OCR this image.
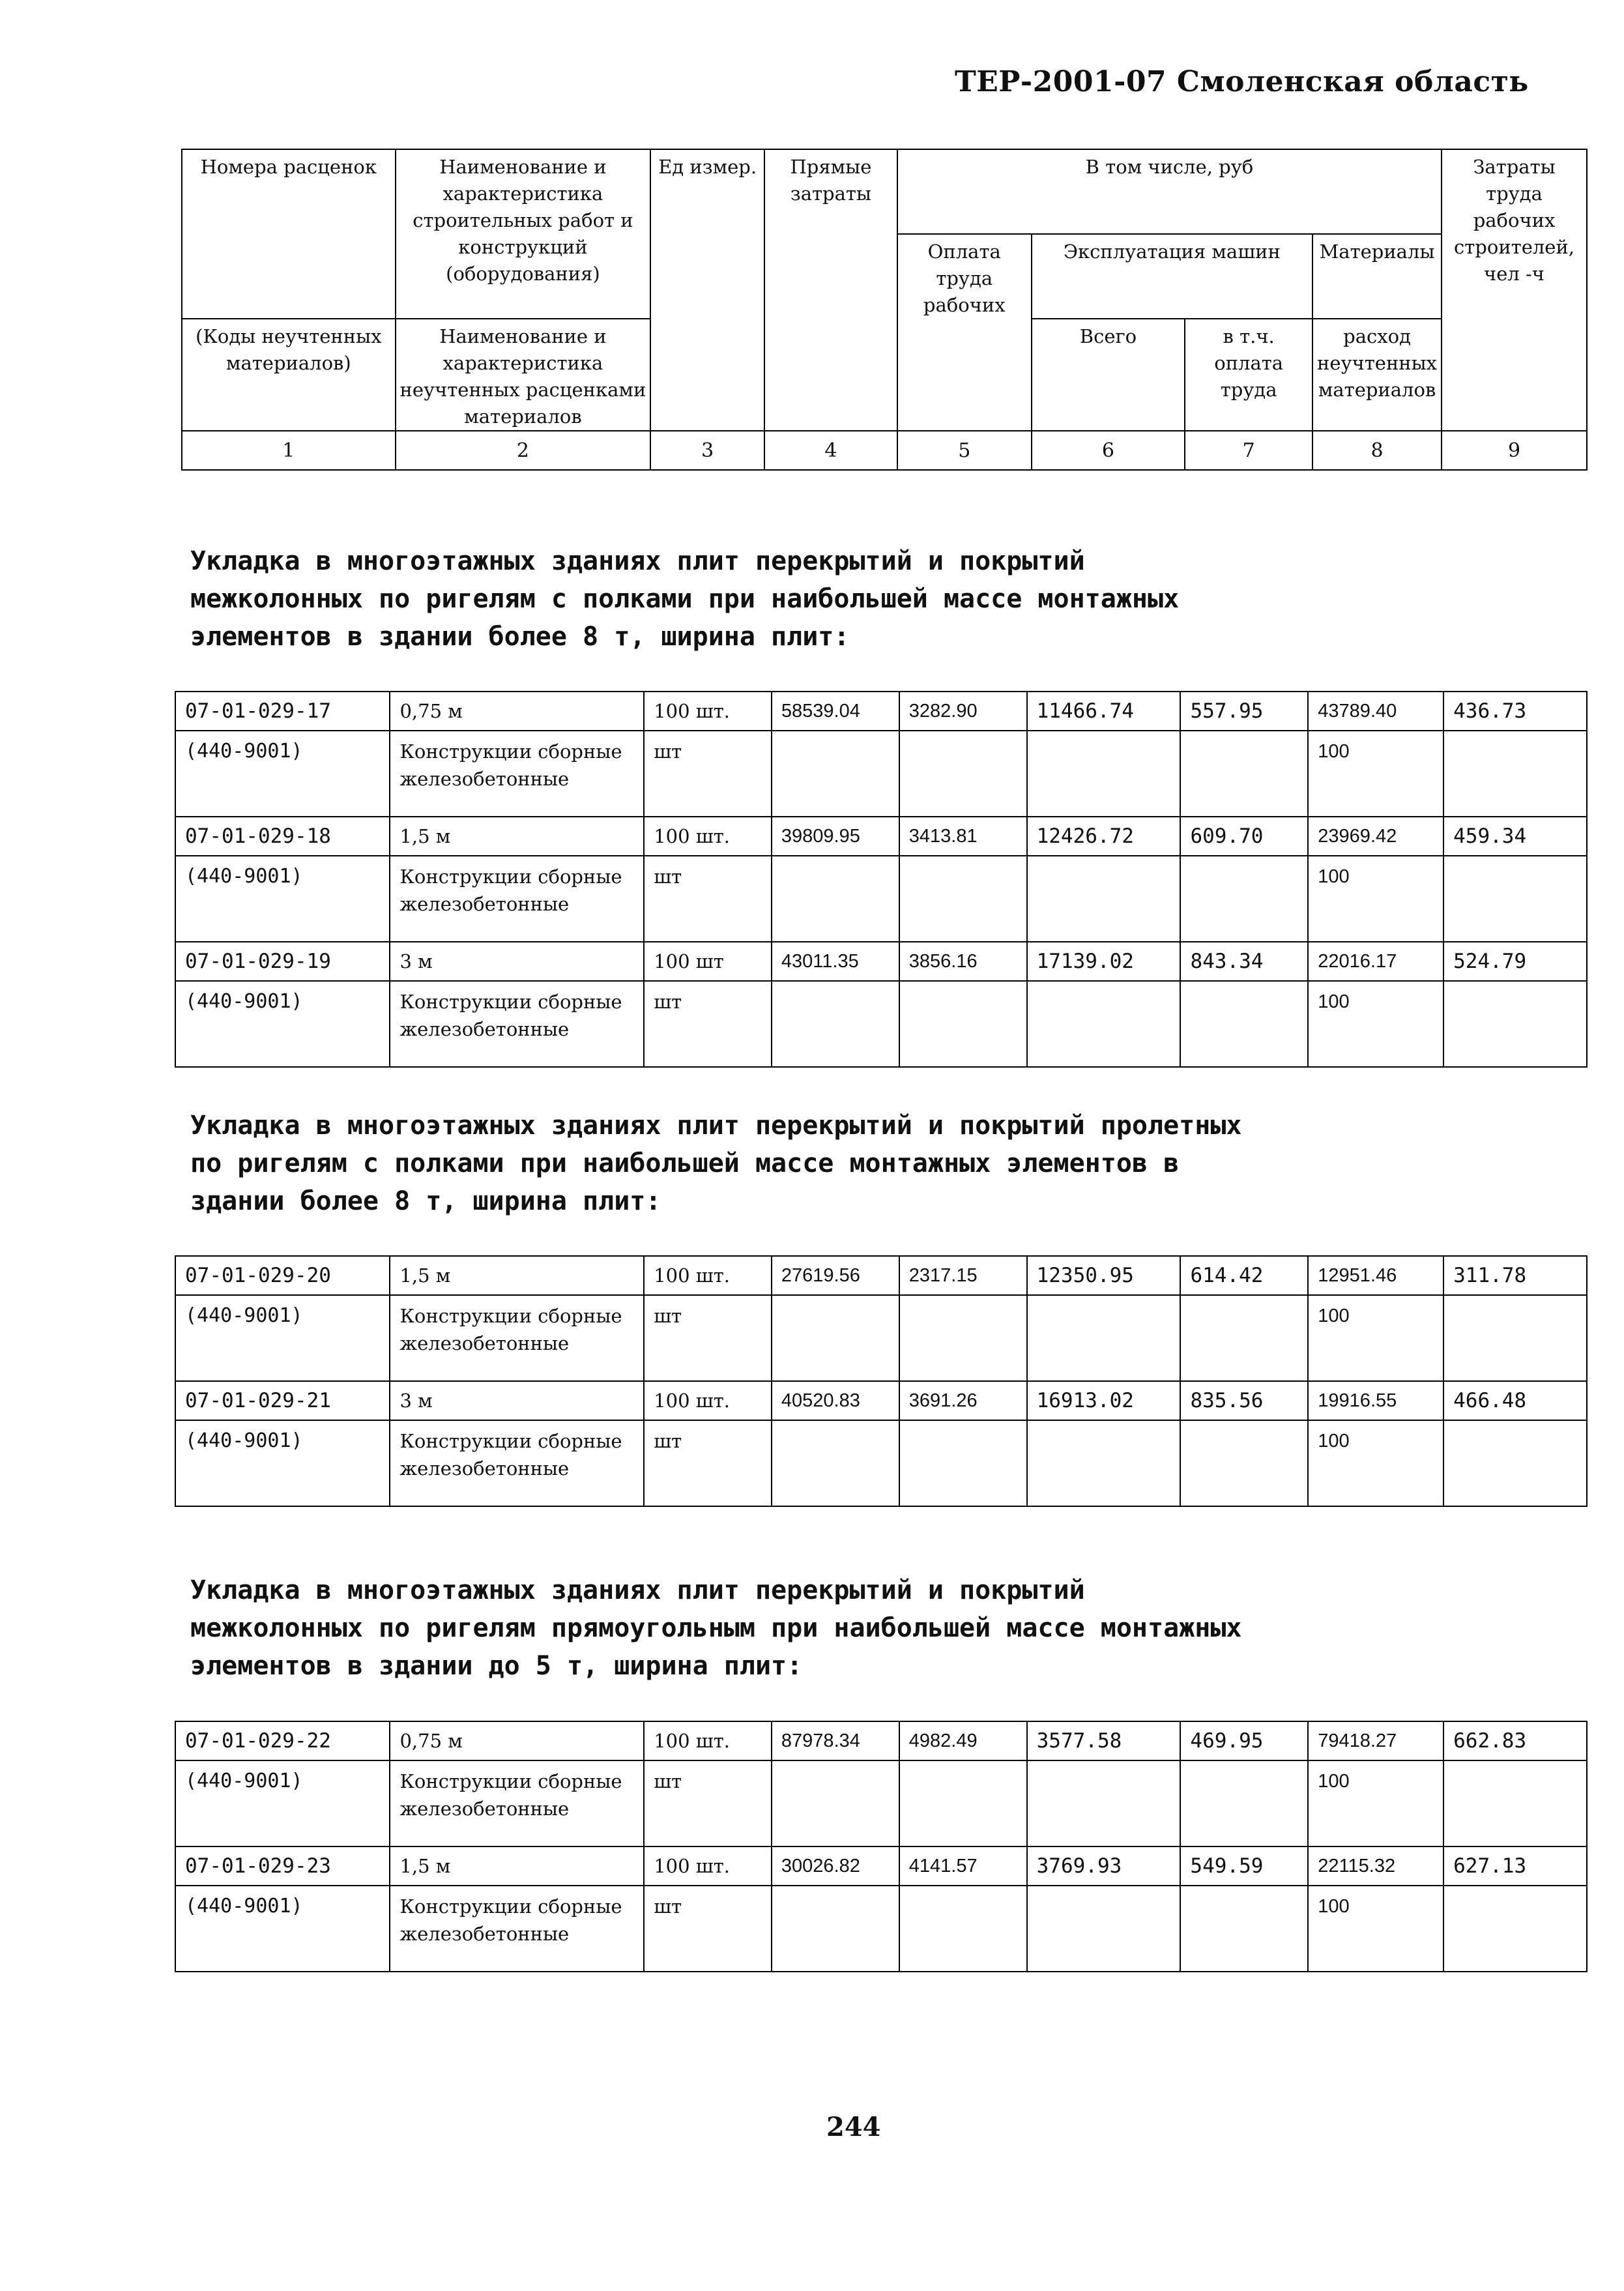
ТЕР-2001-07 Смоленская область
Номера расценок	Наименование и характеристика строительных работ и конструкций (оборудования)	Ед измер.	Прямые затраты	В том числе, руб				Затраты труда рабочих строителей, чел -ч
				Оплата труда рабочих	Эксплуатация машин		Материалы	
(Коды неучтенных материалов)	Наименование и характеристика неучтенных расценками материалов				Всего	в т.ч. оплата труда	расход неучтенных материалов	

1	2	3	4	5	6	7	8	9
Укладка в многоэтажных зданиях плит перекрытий и покрытий
межколонных по ригелям с полками при наибольшей массе монтажных
элементов в здании более 8 т, ширина плит:
07-01-029-17	0,75 м	100 шт.	58539.04	3282.90	11466.74	557.95	43789.40	436.73
(440-9001)	Конструкции сборные железобетонные	шт					100	
07-01-029-18	1,5 м	100 шт.	39809.95	3413.81	12426.72	609.70	23969.42	459.34
(440-9001)	Конструкции сборные железобетонные	шт					100	
07-01-029-19	3 м	100 шт	43011.35	3856.16	17139.02	843.34	22016.17	524.79
(440-9001)	Конструкции сборные железобетонные	шт					100	
Укладка в многоэтажных зданиях плит перекрытий и покрытий пролетных
по ригелям с полками при наибольшей массе монтажных элементов в
здании более 8 т, ширина плит:
07-01-029-20	1,5 м	100 шт.	27619.56	2317.15	12350.95	614.42	12951.46	311.78
(440-9001)	Конструкции сборные железобетонные	шт					100	
07-01-029-21	3 м	100 шт.	40520.83	3691.26	16913.02	835.56	19916.55	466.48
(440-9001)	Конструкции сборные железобетонные	шт					100	
Укладка в многоэтажных зданиях плит перекрытий и покрытий
межколонных по ригелям прямоугольным при наибольшей массе монтажных
элементов в здании до 5 т, ширина плит:
07-01-029-22	0,75 м	100 шт.	87978.34	4982.49	3577.58	469.95	79418.27	662.83
(440-9001)	Конструкции сборные железобетонные	шт					100	
07-01-029-23	1,5 м	100 шт.	30026.82	4141.57	3769.93	549.59	22115.32	627.13
(440-9001)	Конструкции сборные железобетонные	шт					100	
244
